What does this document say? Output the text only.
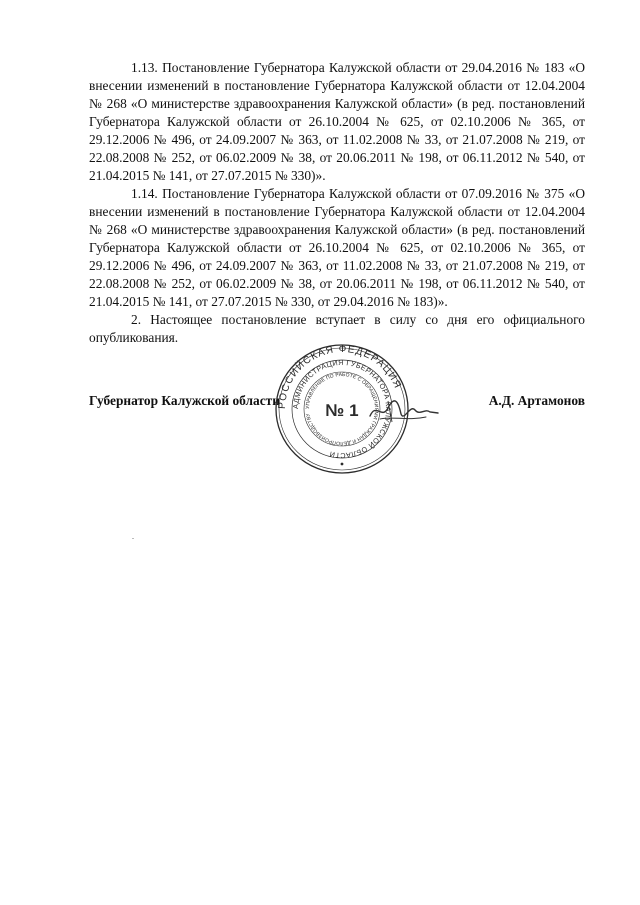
1.13. Постановление Губернатора Калужской области от 29.04.2016 № 183 «О внесении изменений в постановление Губернатора Калужской области от 12.04.2004 № 268 «О министерстве здравоохранения Калужской области» (в ред. постановлений Губернатора Калужской области от 26.10.2004 № 625, от 02.10.2006 № 365, от 29.12.2006 № 496, от 24.09.2007 № 363, от 11.02.2008 № 33, от 21.07.2008 № 219, от 22.08.2008 № 252, от 06.02.2009 № 38, от 20.06.2011 № 198, от 06.11.2012 № 540, от 21.04.2015 № 141, от 27.07.2015 № 330)».

1.14. Постановление Губернатора Калужской области от 07.09.2016 № 375 «О внесении изменений в постановление Губернатора Калужской области от 12.04.2004 № 268 «О министерстве здравоохранения Калужской области» (в ред. постановлений Губернатора Калужской области от 26.10.2004 № 625, от 02.10.2006 № 365, от 29.12.2006 № 496, от 24.09.2007 № 363, от 11.02.2008 № 33, от 21.07.2008 № 219, от 22.08.2008 № 252, от 06.02.2009 № 38, от 20.06.2011 № 198, от 06.11.2012 № 540, от 21.04.2015 № 141, от 27.07.2015 № 330, от 29.04.2016 № 183)».

2. Настоящее постановление вступает в силу со дня его официального опубликования.

Губернатор Калужской области	А.Д. Артамонов
РОССИЙСКАЯ ФЕДЕРАЦИЯ
АДМИНИСТРАЦИЯ ГУБЕРНАТОРА КАЛУЖСКОЙ ОБЛАСТИ
УПРАВЛЕНИЕ ПО РАБОТЕ С ОБРАЩЕНИЯМИ ГРАЖДАН И ДЕЛОПРОИЗВОДСТВУ № 1
